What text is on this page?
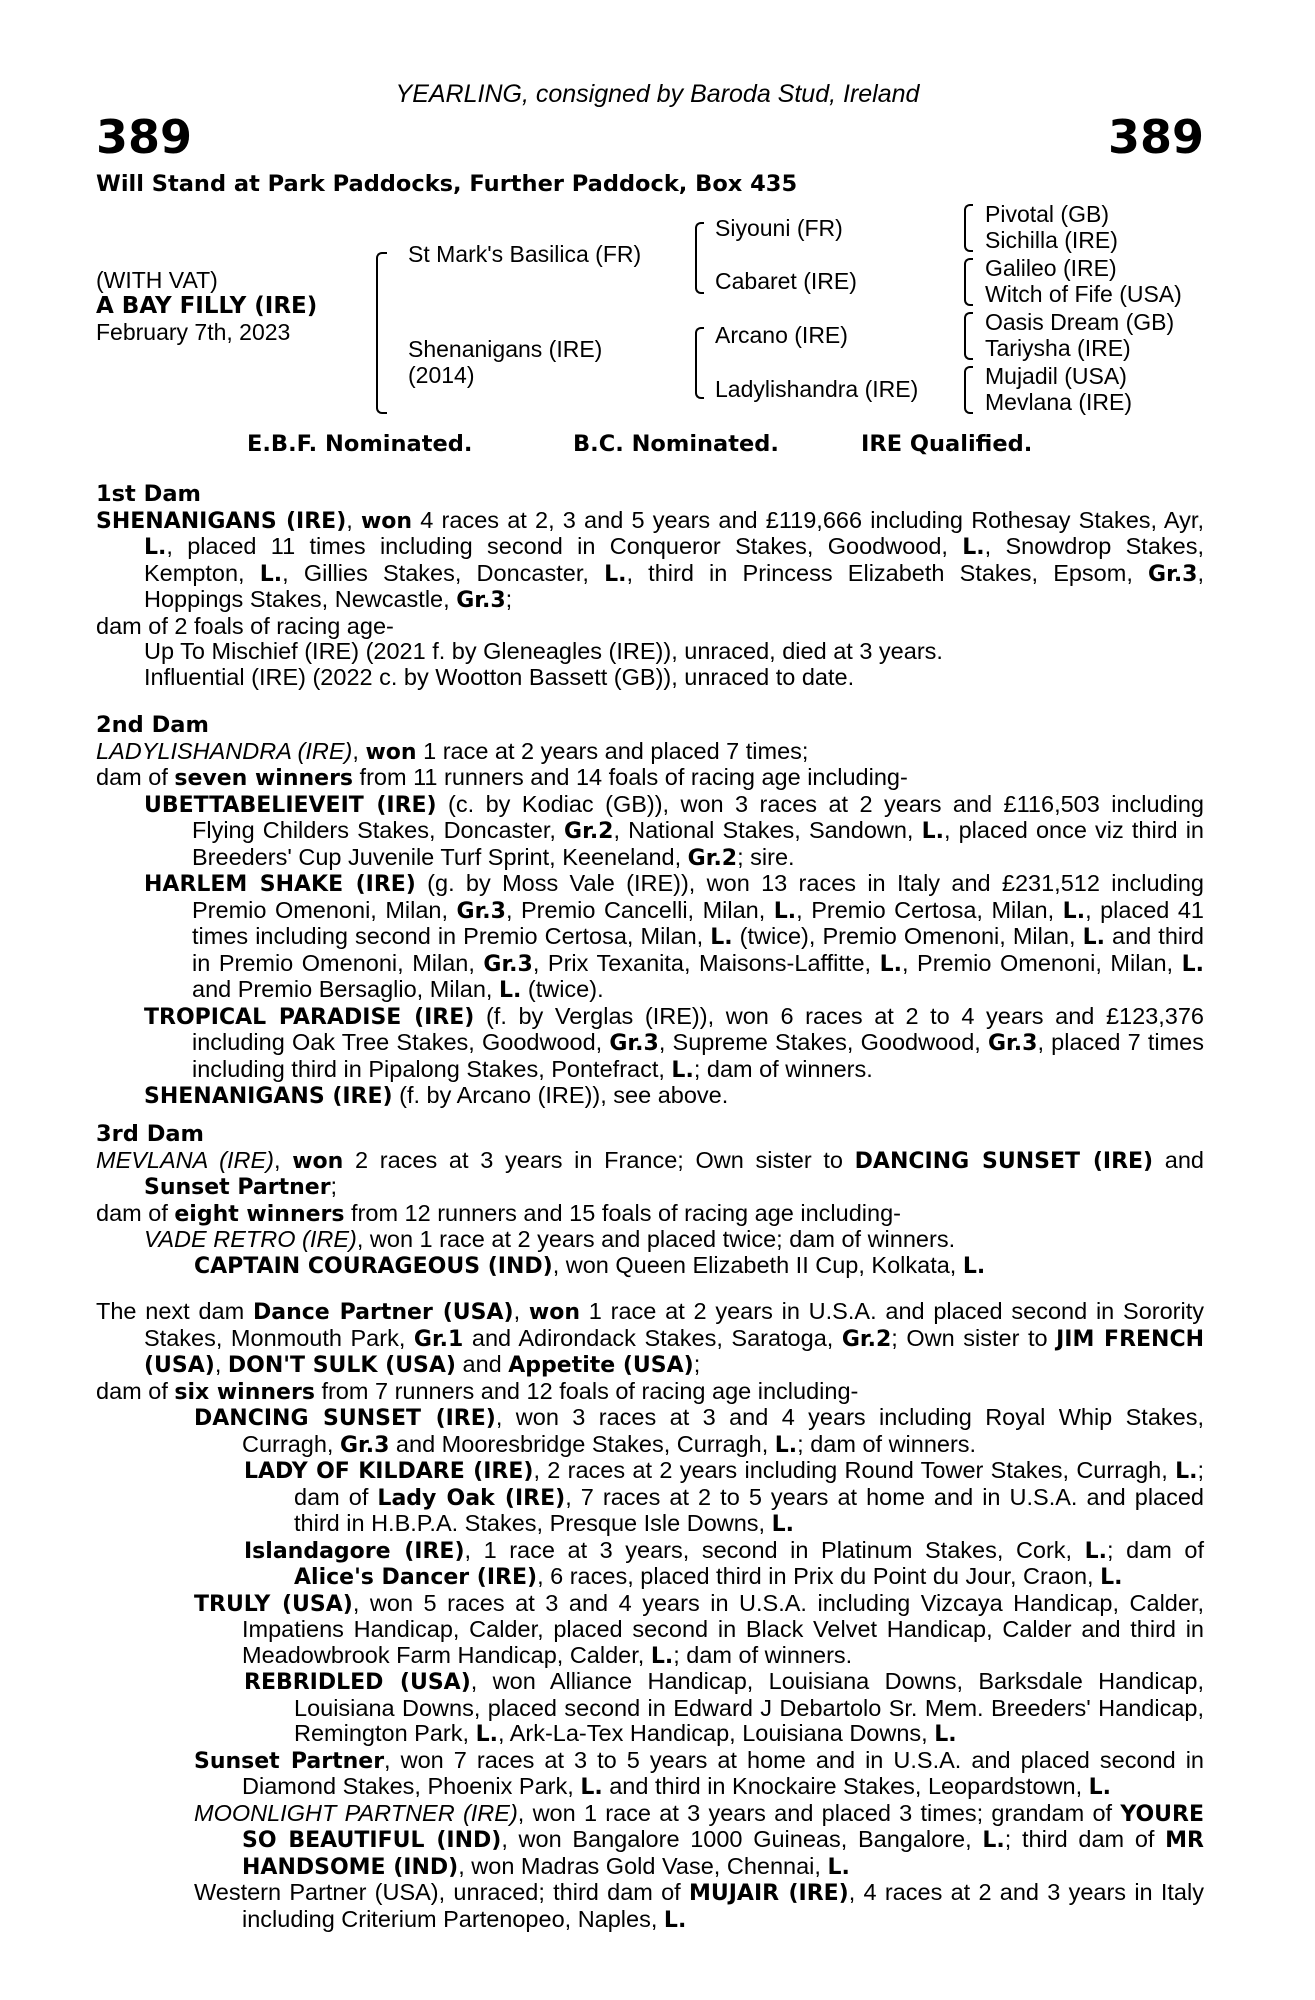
YEARLING, consigned by Baroda Stud, Ireland
389	389
Will Stand at Park Paddocks, Further Paddock, Box 435
(WITH VAT)
A BAY FILLY (IRE)
February 7th, 2023
St Mark's Basilica (FR)
Shenanigans (IRE)
(2014)
Siyouni (FR)
Cabaret (IRE)
Arcano (IRE)
Ladylishandra (IRE)
Pivotal (GB)
Sichilla (IRE)
Galileo (IRE)
Witch of Fife (USA)
Oasis Dream (GB)
Tariysha (IRE)
Mujadil (USA)
Mevlana (IRE)
E.B.F. Nominated.	B.C. Nominated.	IRE Qualified.
1st Dam

SHENANIGANS (IRE), won 4 races at 2, 3 and 5 years and £119,666 including Rothesay Stakes, Ayr, L., placed 11 times including second in Conqueror Stakes, Goodwood, L., Snowdrop Stakes, Kempton, L., Gillies Stakes, Doncaster, L., third in Princess Elizabeth Stakes, Epsom, Gr.3, Hoppings Stakes, Newcastle, Gr.3;

dam of 2 foals of racing age-

Up To Mischief (IRE) (2021 f. by Gleneagles (IRE)), unraced, died at 3 years.

Influential (IRE) (2022 c. by Wootton Bassett (GB)), unraced to date.

2nd Dam

LADYLISHANDRA (IRE), won 1 race at 2 years and placed 7 times;

dam of seven winners from 11 runners and 14 foals of racing age including-

UBETTABELIEVEIT (IRE) (c. by Kodiac (GB)), won 3 races at 2 years and £116,503 including Flying Childers Stakes, Doncaster, Gr.2, National Stakes, Sandown, L., placed once viz third in Breeders' Cup Juvenile Turf Sprint, Keeneland, Gr.2; sire.

HARLEM SHAKE (IRE) (g. by Moss Vale (IRE)), won 13 races in Italy and £231,512 including Premio Omenoni, Milan, Gr.3, Premio Cancelli, Milan, L., Premio Certosa, Milan, L., placed 41 times including second in Premio Certosa, Milan, L. (twice), Premio Omenoni, Milan, L. and third in Premio Omenoni, Milan, Gr.3, Prix Texanita, Maisons-Laffitte, L., Premio Omenoni, Milan, L. and Premio Bersaglio, Milan, L. (twice).

TROPICAL PARADISE (IRE) (f. by Verglas (IRE)), won 6 races at 2 to 4 years and £123,376 including Oak Tree Stakes, Goodwood, Gr.3, Supreme Stakes, Goodwood, Gr.3, placed 7 times including third in Pipalong Stakes, Pontefract, L.; dam of winners.

SHENANIGANS (IRE) (f. by Arcano (IRE)), see above.

3rd Dam

MEVLANA (IRE), won 2 races at 3 years in France; Own sister to DANCING SUNSET (IRE) and Sunset Partner;

dam of eight winners from 12 runners and 15 foals of racing age including-

VADE RETRO (IRE), won 1 race at 2 years and placed twice; dam of winners.

CAPTAIN COURAGEOUS (IND), won Queen Elizabeth II Cup, Kolkata, L.

The next dam Dance Partner (USA), won 1 race at 2 years in U.S.A. and placed second in Sorority Stakes, Monmouth Park, Gr.1 and Adirondack Stakes, Saratoga, Gr.2; Own sister to JIM FRENCH (USA), DON'T SULK (USA) and Appetite (USA);

dam of six winners from 7 runners and 12 foals of racing age including-

DANCING SUNSET (IRE), won 3 races at 3 and 4 years including Royal Whip Stakes, Curragh, Gr.3 and Mooresbridge Stakes, Curragh, L.; dam of winners.

LADY OF KILDARE (IRE), 2 races at 2 years including Round Tower Stakes, Curragh, L.; dam of Lady Oak (IRE), 7 races at 2 to 5 years at home and in U.S.A. and placed third in H.B.P.A. Stakes, Presque Isle Downs, L.

Islandagore (IRE), 1 race at 3 years, second in Platinum Stakes, Cork, L.; dam of Alice's Dancer (IRE), 6 races, placed third in Prix du Point du Jour, Craon, L.

TRULY (USA), won 5 races at 3 and 4 years in U.S.A. including Vizcaya Handicap, Calder, Impatiens Handicap, Calder, placed second in Black Velvet Handicap, Calder and third in Meadowbrook Farm Handicap, Calder, L.; dam of winners.

REBRIDLED (USA), won Alliance Handicap, Louisiana Downs, Barksdale Handicap, Louisiana Downs, placed second in Edward J Debartolo Sr. Mem. Breeders' Handicap, Remington Park, L., Ark-La-Tex Handicap, Louisiana Downs, L.

Sunset Partner, won 7 races at 3 to 5 years at home and in U.S.A. and placed second in Diamond Stakes, Phoenix Park, L. and third in Knockaire Stakes, Leopardstown, L.

MOONLIGHT PARTNER (IRE), won 1 race at 3 years and placed 3 times; grandam of YOURE SO BEAUTIFUL (IND), won Bangalore 1000 Guineas, Bangalore, L.; third dam of MR HANDSOME (IND), won Madras Gold Vase, Chennai, L.

Western Partner (USA), unraced; third dam of MUJAIR (IRE), 4 races at 2 and 3 years in Italy including Criterium Partenopeo, Naples, L.
